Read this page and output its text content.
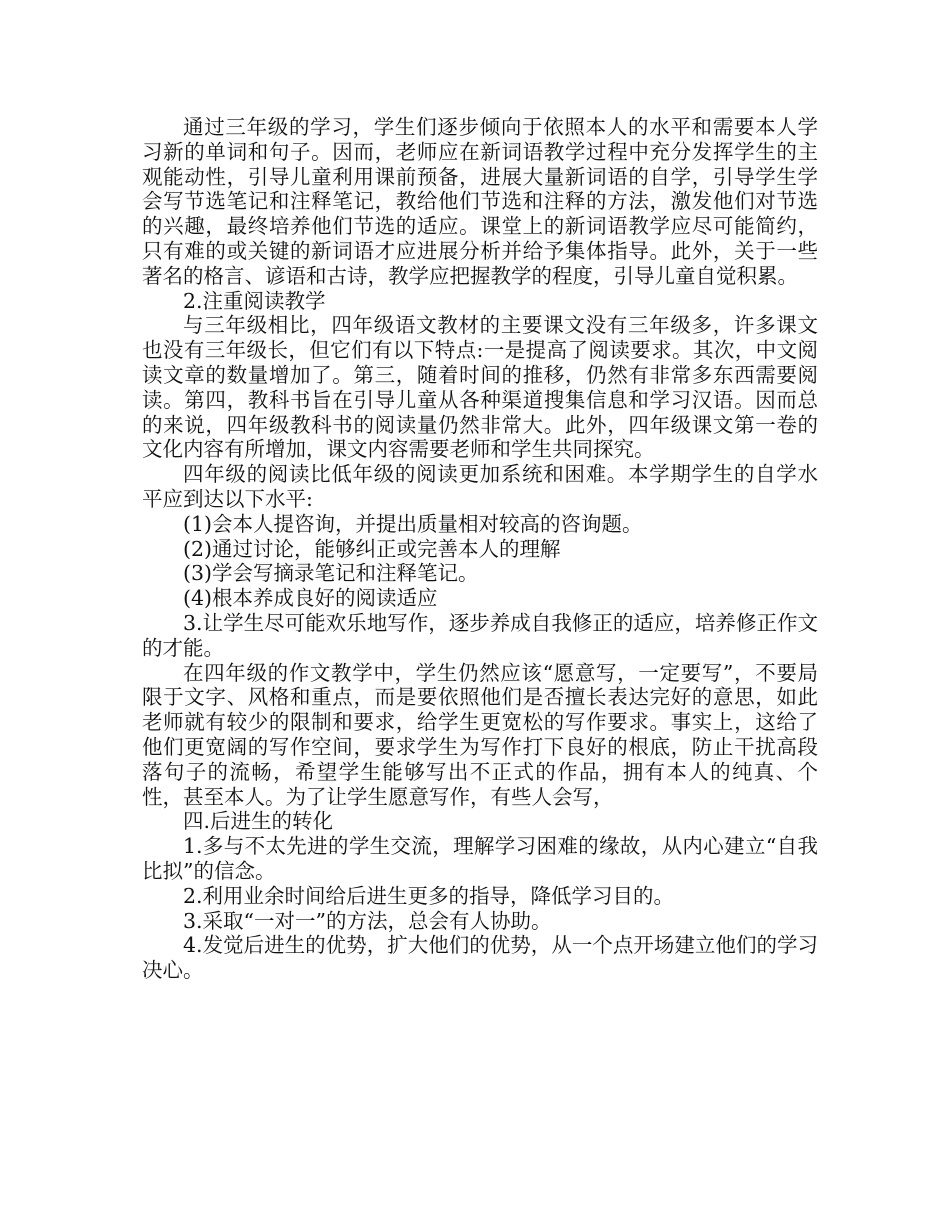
通过三年级的学习，学生们逐步倾向于依照本人的水平和需要本人学习新的单词和句子。因而，老师应在新词语教学过程中充分发挥学生的主观能动性，引导儿童利用课前预备，进展大量新词语的自学，引导学生学会写节选笔记和注释笔记，教给他们节选和注释的方法，激发他们对节选的兴趣，最终培养他们节选的适应。课堂上的新词语教学应尽可能简约，只有难的或关键的新词语才应进展分析并给予集体指导。此外，关于一些著名的格言、谚语和古诗，教学应把握教学的程度，引导儿童自觉积累。

2.注重阅读教学

与三年级相比，四年级语文教材的主要课文没有三年级多，许多课文也没有三年级长，但它们有以下特点:一是提高了阅读要求。其次，中文阅读文章的数量增加了。第三，随着时间的推移，仍然有非常多东西需要阅读。第四，教科书旨在引导儿童从各种渠道搜集信息和学习汉语。因而总的来说，四年级教科书的阅读量仍然非常大。此外，四年级课文第一卷的文化内容有所增加，课文内容需要老师和学生共同探究。

四年级的阅读比低年级的阅读更加系统和困难。本学期学生的自学水平应到达以下水平:

(1)会本人提咨询，并提出质量相对较高的咨询题。

(2)通过讨论，能够纠正或完善本人的理解

(3)学会写摘录笔记和注释笔记。

(4)根本养成良好的阅读适应

3.让学生尽可能欢乐地写作，逐步养成自我修正的适应，培养修正作文的才能。

在四年级的作文教学中，学生仍然应该“愿意写，一定要写”，不要局限于文字、风格和重点，而是要依照他们是否擅长表达完好的意思，如此老师就有较少的限制和要求，给学生更宽松的写作要求。事实上，这给了他们更宽阔的写作空间，要求学生为写作打下良好的根底，防止干扰高段落句子的流畅，希望学生能够写出不正式的作品，拥有本人的纯真、个性，甚至本人。为了让学生愿意写作，有些人会写，

四.后进生的转化

1.多与不太先进的学生交流，理解学习困难的缘故，从内心建立“自我比拟”的信念。

2.利用业余时间给后进生更多的指导，降低学习目的。

3.采取“一对一”的方法，总会有人协助。

4.发觉后进生的优势，扩大他们的优势，从一个点开场建立他们的学习决心。
